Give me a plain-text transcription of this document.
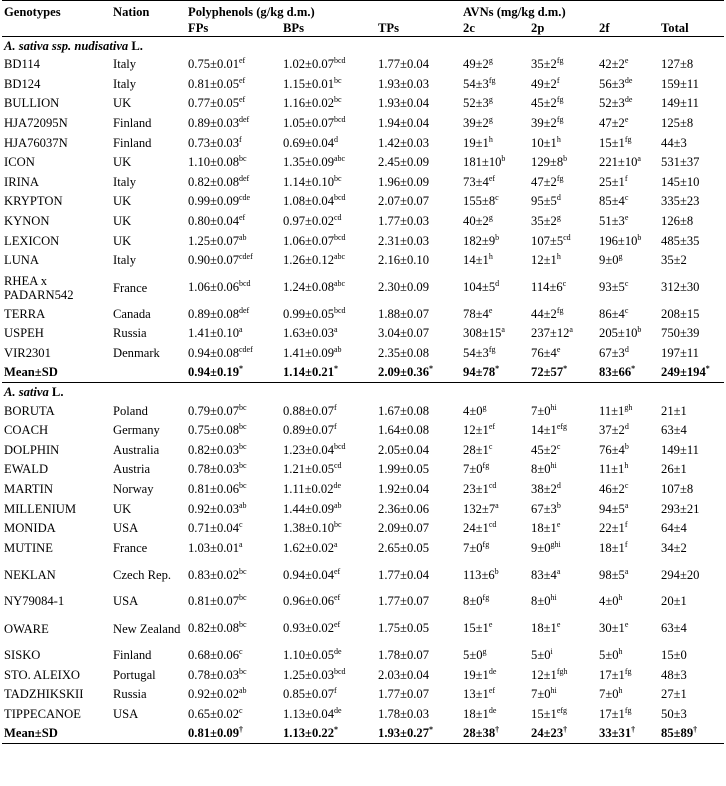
Genotypes	Nation	Polyphenols (g/kg d.m.)			AVNs (mg/kg d.m.)			
		FPs	BPs	TPs	2c	2p	2f	Total
A. sativa ssp. nudisativa L.								
BD114	Italy	0.75±0.01$^{ef}$	1.02±0.07$^{bcd}$	1.77±0.04	$49\pm 2^g$	$35\pm 2^{fg}$	$42\pm 2^e$	127±8
BD124	Italy	0.81±0.05$^{ef}$	1.15±0.01$^{bc}$	1.93±0.03	$54\pm 3^{fg}$	$49\pm 2^f$	56±3de	159±11
BULLION	UK	0.77±0.05$^{ef}$	1.16±0.02$^{bc}$	1.93±0.04	$52\pm 3^g$	$45\pm 2^{fg}$	52±3de	149±11
HJA72095N	Finland	0.89±0.03$^{def}$	1.05±0.07$^{bcd}$	1.94±0.04	$39\pm 2^g$	$39\pm 2^{fg}$	$47\pm 2^e$	125±8
HJA76037N	Finland	0.73±0.03$^f$	0.69±0.04$^d$	1.42±0.03	$19\pm 1^h$	$10\pm 1^h$	$15\pm 1^{fg}$	44±3
ICON	UK	1.10±0.08$^{bc}$	1.35±0.09$^{abc}$	2.45±0.09	$181\pm 10^b$	$129\pm 8^b$	$221\pm 10^a$	531±37
IRINA	Italy	0.82±0.08$^{def}$	1.14±0.10$^{bc}$	1.96±0.09	$73\pm 4^{ef}$	$47\pm 2^{fg}$	$25\pm 1^f$	145±10
KRYPTON	UK	0.99±0.09$^{cde}$	1.08±0.04$^{bcd}$	2.07±0.07	$155\pm 8^c$	$95\pm 5^d$	$85\pm 4^c$	335±23
KYNON	UK	0.80±0.04$^{ef}$	0.97±0.02$^{cd}$	1.77±0.03	$40\pm 2^g$	$35\pm 2^g$	$51\pm 3^e$	126±8
LEXICON	UK	1.25±0.07$^{ab}$	1.06±0.07$^{bcd}$	2.31±0.03	$182\pm 9^b$	$107\pm 5^{cd}$	$196\pm 10^b$	485±35
LUNA	Italy	$0.90\pm 0.07^{cdef}$	1.26±0.12$^{abc}$	2.16±0.10	$14\pm 1^h$	$12\pm 1^h$	$9\pm 0^g$	35±2
RHEA x PADARN542	France	1.06±0.06$^{bcd}$	1.24±0.08$^{abc}$	2.30±0.09	$104\pm 5^d$	$114\pm 6^c$	$93\pm 5^c$	312±30
TERRA	Canada	0.89±0.08$^{def}$	0.99±0.05$^{bcd}$	1.88±0.07	$78\pm 4^e$	$44\pm 2^{fg}$	$86\pm 4^c$	208±15
USPEH	Russia	1.41±0.10$^a$	1.63±0.03$^a$	3.04±0.07	$308\pm 15^a$	$237\pm 12^a$	$205\pm 10^b$	750±39
VIR2301	Denmark	$0.94\pm 0.08^{cdef}$	1.41±0.09$^{ab}$	2.35±0.08	$54\pm 3^{fg}$	$76\pm 4^e$	$67\pm 3^d$	197±11
Mean±SD		0.94±0.19*	1.14±0.21*	2.09±0.36*	94±78*	72±57*	83±66*	249±194*
A. sativa L.								
BORUTA	Poland	0.79±0.07$^{bc}$	0.88±0.07$^f$	1.67±0.08	$4\pm 0^g$	$7\pm 0^{hi}$	$11\pm 1^{gh}$	21±1
COACH	Germany	0.75±0.08$^{bc}$	0.89±0.07$^f$	1.64±0.08	$12\pm 1^{ef}$	$14\pm 1^{efg}$	$37\pm 2^d$	63±4
DOLPHIN	Australia	0.82±0.03$^{bc}$	1.23±0.04$^{bcd}$	2.05±0.04	$28\pm 1^c$	$45\pm 2^c$	$76\pm 4^b$	149±11
EWALD	Austria	0.78±0.03$^{bc}$	1.21±0.05$^{cd}$	1.99±0.05	$7\pm 0^{fg}$	$8\pm 0^{hi}$	$11\pm 1^h$	26±1
MARTIN	Norway	0.81±0.06$^{bc}$	1.11±0.02de	1.92±0.04	$23\pm 1^{cd}$	$38\pm 2^d$	$46\pm 2^c$	107±8
MILLENIUM	UK	0.92±0.03$^{ab}$	1.44±0.09$^{ab}$	2.36±0.06	$132\pm 7^a$	$67\pm 3^b$	$94\pm 5^a$	293±21
MONIDA	USA	0.71±0.04$^c$	1.38±0.10$^{bc}$	2.09±0.07	$24\pm 1^{cd}$	$18\pm 1^e$	$22\pm 1^f$	64±4
MUTINE	France	1.03±0.01$^a$	1.62±0.02$^a$	2.65±0.05	$7\pm 0^{fg}$	$9\pm 0^{ghi}$	$18\pm 1^f$	34±2
NEKLAN	Czech Rep.	0.83±0.02$^{bc}$	0.94±0.04$^{ef}$	1.77±0.04	$113\pm 6^b$	$83\pm 4^a$	$98\pm 5^a$	294±20
NY79084-1	USA	0.81±0.07$^{bc}$	0.96±0.06$^{ef}$	1.77±0.07	$8\pm 0^{fg}$	$8\pm 0^{hi}$	$4\pm 0^h$	20±1
OWARE	New Zealand	0.82±0.08$^{bc}$	0.93±0.02$^{ef}$	1.75±0.05	$15\pm 1^e$	$18\pm 1^e$	$30\pm 1^e$	63±4
SISKO	Finland	0.68±0.06$^c$	1.10±0.05de	1.78±0.07	$5\pm 0^g$	$5\pm 0^i$	$5\pm 0^h$	15±0
STO. ALEIXO	Portugal	0.78±0.03$^{bc}$	1.25±0.03$^{bcd}$	2.03±0.04	19±1de	$12\pm 1^{fgh}$	$17\pm 1^{fg}$	48±3
TADZHIKSKII	Russia	0.92±0.02$^{ab}$	0.85±0.07$^f$	1.77±0.07	$13\pm 1^{ef}$	$7\pm 0^{hi}$	$7\pm 0^h$	27±1
TIPPECANOE	USA	0.65±0.02$^c$	1.13±0.04de	1.78±0.03	18±1de	$15\pm 1^{efg}$	$17\pm 1^{fg}$	50±3
Mean±SD		0.81±0.09†	1.13±0.22*	1.93±0.27*	28±38†	24±23†	33±31†	85±89†
